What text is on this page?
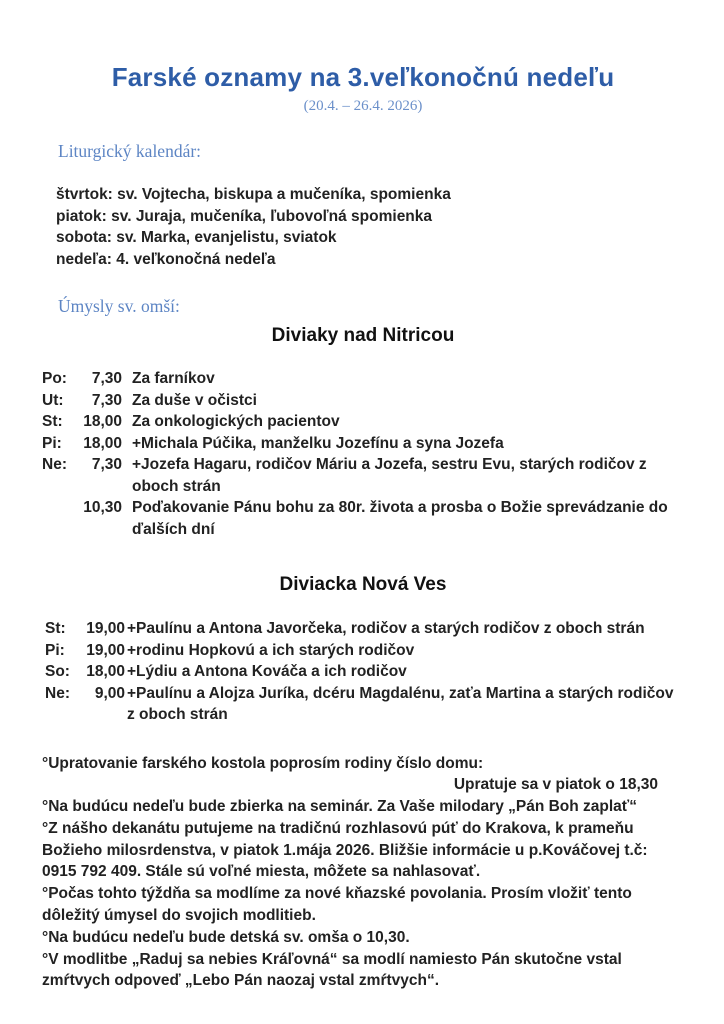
Farské oznamy na 3.veľkonočnú nedeľu
(20.4. – 26.4. 2026)
Liturgický kalendár:
štvrtok: sv. Vojtecha, biskupa a mučeníka, spomienka
piatok: sv. Juraja, mučeníka, ľubovoľná spomienka
sobota: sv. Marka, evanjelistu, sviatok
nedeľa: 4. veľkonočná nedeľa
Úmysly sv. omší:
Diviaky nad Nitricou
Po:	7,30 Za farníkov
Ut:	7,30 Za duše v očistci
St:	18,00 Za onkologických pacientov
Pi:	18,00 +Michala Púčika, manželku Jozefínu a syna Jozefa
Ne:	7,30 +Jozefa Hagaru, rodičov Máriu a Jozefa, sestru Evu, starých rodičov z oboch strán
10,30 Poďakovanie Pánu bohu za 80r. života a prosba o Božie sprevádzanie do ďalších dní
Diviacka Nová Ves
St:	19,00 +Paulínu a Antona Javorčeka, rodičov a starých rodičov z oboch strán
Pi:	19,00 +rodinu Hopkovú a ich starých rodičov
So:	18,00 +Lýdiu a Antona Kováča a ich rodičov
Ne:	9,00 +Paulínu a Alojza Juríka, dcéru Magdalénu, zaťa Martina a starých rodičov z oboch strán

°Upratovanie farského kostola poprosím rodiny číslo domu:

Upratuje sa v piatok o 18,30

°Na budúcu nedeľu bude zbierka na seminár. Za Vaše milodary „Pán Boh zaplať“

°Z nášho dekanátu putujeme na tradičnú rozhlasovú púť do Krakova, k prameňu Božieho milosrdenstva, v piatok 1.mája 2026. Bližšie informácie u p.Kováčovej t.č: 0915 792 409. Stále sú voľné miesta, môžete sa nahlasovať.

°Počas tohto týždňa sa modlíme za nové kňazské povolania. Prosím vložiť tento dôležitý úmysel do svojich modlitieb.

°Na budúcu nedeľu bude detská sv. omša o 10,30.

°V modlitbe „Raduj sa nebies Kráľovná“ sa modlí namiesto Pán skutočne vstal zmŕtvych odpoveď „Lebo Pán naozaj vstal zmŕtvych“.
